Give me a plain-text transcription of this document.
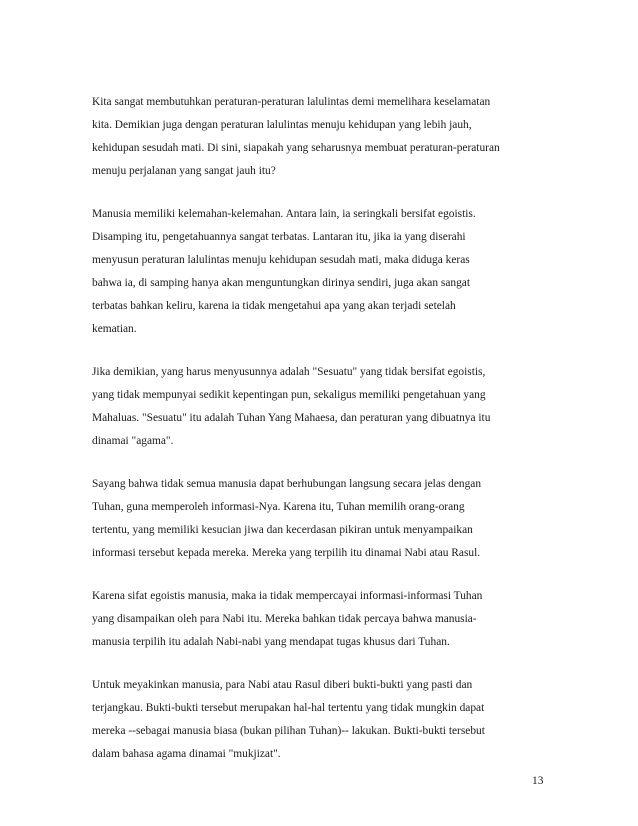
Kita sangat membutuhkan peraturan-peraturan lalulintas demi memelihara keselamatan
kita. Demikian juga dengan peraturan lalulintas menuju kehidupan yang lebih jauh,
kehidupan sesudah mati. Di sini, siapakah yang seharusnya membuat peraturan-peraturan
menuju perjalanan yang sangat jauh itu?

Manusia memiliki kelemahan-kelemahan. Antara lain, ia seringkali bersifat egoistis.
Disamping itu, pengetahuannya sangat terbatas. Lantaran itu, jika ia yang diserahi
menyusun peraturan lalulintas menuju kehidupan sesudah mati, maka diduga keras
bahwa ia, di samping hanya akan menguntungkan dirinya sendiri, juga akan sangat
terbatas bahkan keliru, karena ia tidak mengetahui apa yang akan terjadi setelah
kematian.

Jika demikian, yang harus menyusunnya adalah "Sesuatu" yang tidak bersifat egoistis,
yang tidak mempunyai sedikit kepentingan pun, sekaligus memiliki pengetahuan yang
Mahaluas. "Sesuatu" itu adalah Tuhan Yang Mahaesa, dan peraturan yang dibuatnya itu
dinamai "agama".

Sayang bahwa tidak semua manusia dapat berhubungan langsung secara jelas dengan
Tuhan, guna memperoleh informasi-Nya. Karena itu, Tuhan memilih orang-orang
tertentu, yang memiliki kesucian jiwa dan kecerdasan pikiran untuk menyampaikan
informasi tersebut kepada mereka. Mereka yang terpilih itu dinamai Nabi atau Rasul.

Karena sifat egoistis manusia, maka ia tidak mempercayai informasi-informasi Tuhan
yang disampaikan oleh para Nabi itu. Mereka bahkan tidak percaya bahwa manusia-
manusia terpilih itu adalah Nabi-nabi yang mendapat tugas khusus dari Tuhan.

Untuk meyakinkan manusia, para Nabi atau Rasul diberi bukti-bukti yang pasti dan
terjangkau. Bukti-bukti tersebut merupakan hal-hal tertentu yang tidak mungkin dapat
mereka --sebagai manusia biasa (bukan pilihan Tuhan)-- lakukan. Bukti-bukti tersebut
dalam bahasa agama dinamai "mukjizat".

13
